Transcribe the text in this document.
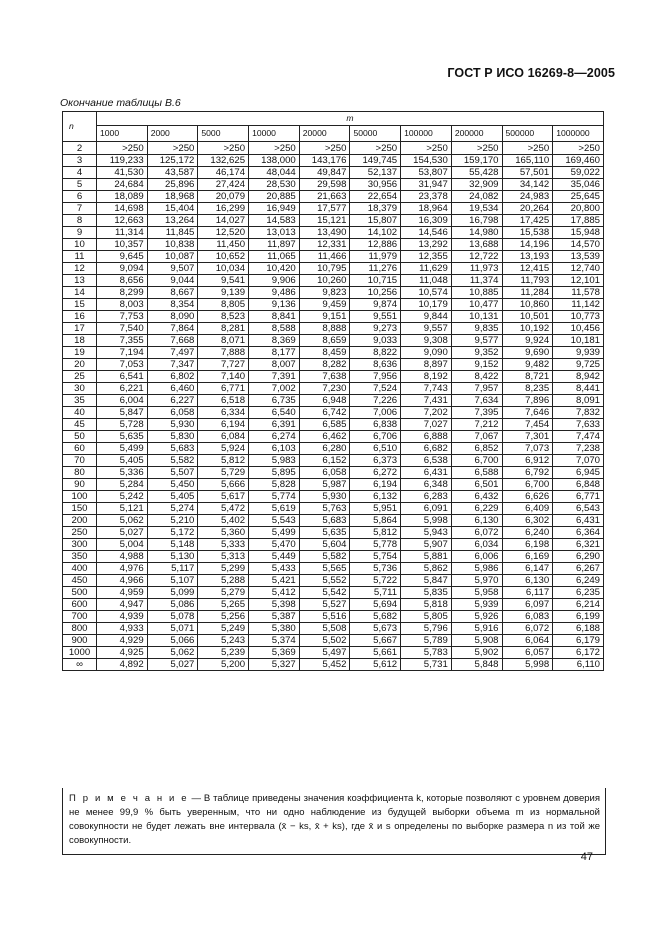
ГОСТ Р ИСО 16269-8—2005
Окончание таблицы В.6
n	m									
	1000	2000	5000	10000	20000	50000	100000	200000	500000	1000000
2	>250	>250	>250	>250	>250	>250	>250	>250	>250	>250
3	119,233	125,172	132,625	138,000	143,176	149,745	154,530	159,170	165,110	169,460
4	41,530	43,587	46,174	48,044	49,847	52,137	53,807	55,428	57,501	59,022
5	24,684	25,896	27,424	28,530	29,598	30,956	31,947	32,909	34,142	35,046
6	18,089	18,968	20,079	20,885	21,663	22,654	23,378	24,082	24,983	25,645
7	14,698	15,404	16,299	16,949	17,577	18,379	18,964	19,534	20,264	20,800
8	12,663	13,264	14,027	14,583	15,121	15,807	16,309	16,798	17,425	17,885
9	11,314	11,845	12,520	13,013	13,490	14,102	14,546	14,980	15,538	15,948
10	10,357	10,838	11,450	11,897	12,331	12,886	13,292	13,688	14,196	14,570
11	9,645	10,087	10,652	11,065	11,466	11,979	12,355	12,722	13,193	13,539
12	9,094	9,507	10,034	10,420	10,795	11,276	11,629	11,973	12,415	12,740
13	8,656	9,044	9,541	9,906	10,260	10,715	11,048	11,374	11,793	12,101
14	8,299	8,667	9,139	9,486	9,823	10,256	10,574	10,885	11,284	11,578
15	8,003	8,354	8,805	9,136	9,459	9,874	10,179	10,477	10,860	11,142
16	7,753	8,090	8,523	8,841	9,151	9,551	9,844	10,131	10,501	10,773
17	7,540	7,864	8,281	8,588	8,888	9,273	9,557	9,835	10,192	10,456
18	7,355	7,668	8,071	8,369	8,659	9,033	9,308	9,577	9,924	10,181
19	7,194	7,497	7,888	8,177	8,459	8,822	9,090	9,352	9,690	9,939
20	7,053	7,347	7,727	8,007	8,282	8,636	8,897	9,152	9,482	9,725
25	6,541	6,802	7,140	7,391	7,638	7,956	8,192	8,422	8,721	8,942
30	6,221	6,460	6,771	7,002	7,230	7,524	7,743	7,957	8,235	8,441
35	6,004	6,227	6,518	6,735	6,948	7,226	7,431	7,634	7,896	8,091
40	5,847	6,058	6,334	6,540	6,742	7,006	7,202	7,395	7,646	7,832
45	5,728	5,930	6,194	6,391	6,585	6,838	7,027	7,212	7,454	7,633
50	5,635	5,830	6,084	6,274	6,462	6,706	6,888	7,067	7,301	7,474
60	5,499	5,683	5,924	6,103	6,280	6,510	6,682	6,852	7,073	7,238
70	5,405	5,582	5,812	5,983	6,152	6,373	6,538	6,700	6,912	7,070
80	5,336	5,507	5,729	5,895	6,058	6,272	6,431	6,588	6,792	6,945
90	5,284	5,450	5,666	5,828	5,987	6,194	6,348	6,501	6,700	6,848
100	5,242	5,405	5,617	5,774	5,930	6,132	6,283	6,432	6,626	6,771
150	5,121	5,274	5,472	5,619	5,763	5,951	6,091	6,229	6,409	6,543
200	5,062	5,210	5,402	5,543	5,683	5,864	5,998	6,130	6,302	6,431
250	5,027	5,172	5,360	5,499	5,635	5,812	5,943	6,072	6,240	6,364
300	5,004	5,148	5,333	5,470	5,604	5,778	5,907	6,034	6,198	6,321
350	4,988	5,130	5,313	5,449	5,582	5,754	5,881	6,006	6,169	6,290
400	4,976	5,117	5,299	5,433	5,565	5,736	5,862	5,986	6,147	6,267
450	4,966	5,107	5,288	5,421	5,552	5,722	5,847	5,970	6,130	6,249
500	4,959	5,099	5,279	5,412	5,542	5,711	5,835	5,958	6,117	6,235
600	4,947	5,086	5,265	5,398	5,527	5,694	5,818	5,939	6,097	6,214
700	4,939	5,078	5,256	5,387	5,516	5,682	5,805	5,926	6,083	6,199
800	4,933	5,071	5,249	5,380	5,508	5,673	5,796	5,916	6,072	6,188
900	4,929	5,066	5,243	5,374	5,502	5,667	5,789	5,908	6,064	6,179
1000	4,925	5,062	5,239	5,369	5,497	5,661	5,783	5,902	6,057	6,172
∞	4,892	5,027	5,200	5,327	5,452	5,612	5,731	5,848	5,998	6,110
П р и м е ч а н и е — В таблице приведены значения коэффициента k, которые позволяют с уровнем доверия не менее 99,9 % быть уверенным, что ни одно наблюдение из будущей выборки объема m из нормальной совокупности не будет лежать вне интервала (x̄ − ks, x̄ + ks), где x̄ и s определены по выборке размера n из той же совокупности.
47
